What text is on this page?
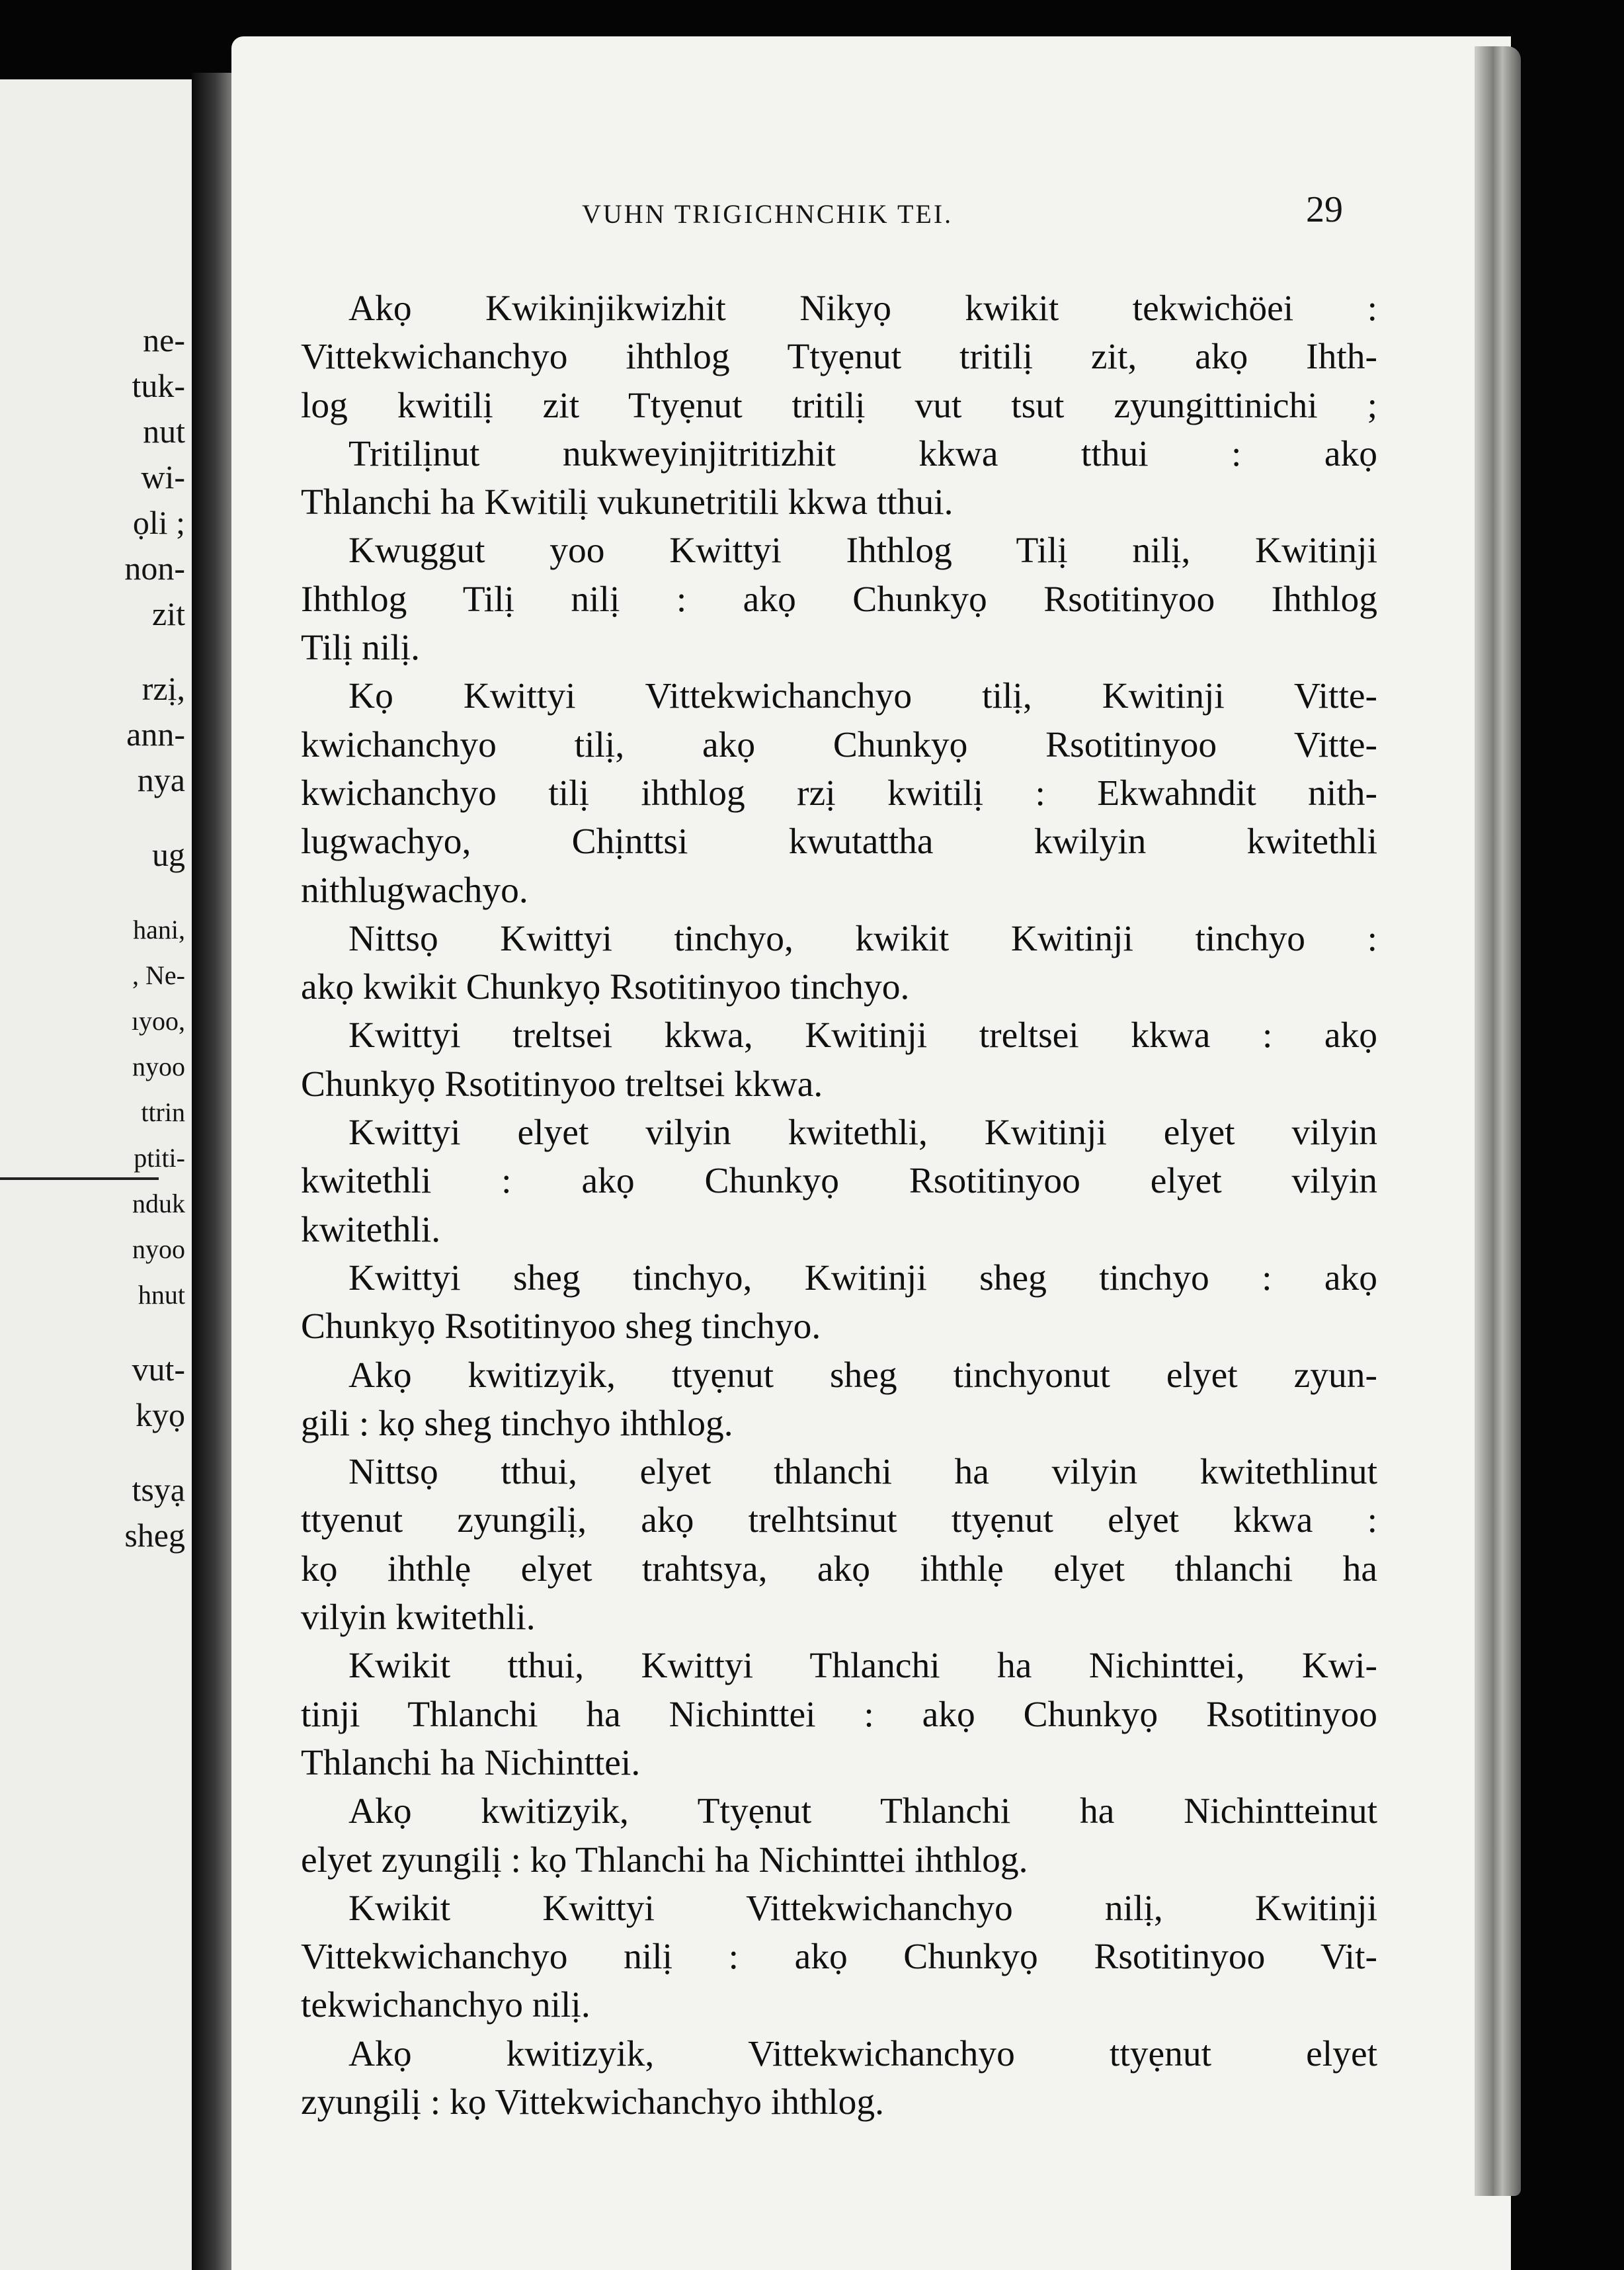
ne-
tuk-
nut
wi-
ọli ;
non-
zit
rzị,
ann-
nya
ug
hani,
, Ne-
ıyoo,
nyoo
ttrin
ptiti-
nduk
nyoo
hnut
vut-
kyọ
tsyạ
sheg
VUHN TRIGICHNCHIK TEI.	29
Akọ Kwikinjikwizhit Nikyọ kwikit tekwichöei :
Vittekwichanchyo ihthlog Ttyẹnut tritilị zit, akọ Ihth-
log kwitilị zit Ttyẹnut tritilị vut tsut zyungittinichi ;
Tritilịnut nukweyinjitritizhit kkwa tthui : akọ
Thlanchi ha Kwitilị vukunetritili kkwa tthui.
Kwuggut yoo Kwittyi Ihthlog Tilị nilị, Kwitinji
Ihthlog Tilị nilị : akọ Chunkyọ Rsotitinyoo Ihthlog
Tilị nilị.
Kọ Kwittyi Vittekwichanchyo tilị, Kwitinji Vitte-
kwichanchyo tilị, akọ Chunkyọ Rsotitinyoo Vitte-
kwichanchyo tilị ihthlog rzị kwitilị : Ekwahndit nith-
lugwachyo, Chịnttsi kwutattha kwilyin kwitethli
nithlugwachyo.
Nittsọ Kwittyi tinchyo, kwikit Kwitinji tinchyo :
akọ kwikit Chunkyọ Rsotitinyoo tinchyo.
Kwittyi treltsei kkwa, Kwitinji treltsei kkwa : akọ
Chunkyọ Rsotitinyoo treltsei kkwa.
Kwittyi elyet vilyin kwitethli, Kwitinji elyet vilyin
kwitethli : akọ Chunkyọ Rsotitinyoo elyet vilyin
kwitethli.
Kwittyi sheg tinchyo, Kwitinji sheg tinchyo : akọ
Chunkyọ Rsotitinyoo sheg tinchyo.
Akọ kwitizyik, ttyẹnut sheg tinchyonut elyet zyun-
gili : kọ sheg tinchyo ihthlog.
Nittsọ tthui, elyet thlanchi ha vilyin kwitethlinut
ttyenut zyungilị, akọ trelhtsinut ttyẹnut elyet kkwa :
kọ ihthlẹ elyet trahtsya, akọ ihthlẹ elyet thlanchi ha
vilyin kwitethli.
Kwikit tthui, Kwittyi Thlanchi ha Nichinttei, Kwi-
tinji Thlanchi ha Nichinttei : akọ Chunkyọ Rsotitinyoo
Thlanchi ha Nichinttei.
Akọ kwitizyik, Ttyẹnut Thlanchi ha Nichintteinut
elyet zyungilị : kọ Thlanchi ha Nichinttei ihthlog.
Kwikit Kwittyi Vittekwichanchyo nilị, Kwitinji
Vittekwichanchyo nilị : akọ Chunkyọ Rsotitinyoo Vit-
tekwichanchyo nilị.
Akọ kwitizyik, Vittekwichanchyo ttyẹnut elyet
zyungilị : kọ Vittekwichanchyo ihthlog.
